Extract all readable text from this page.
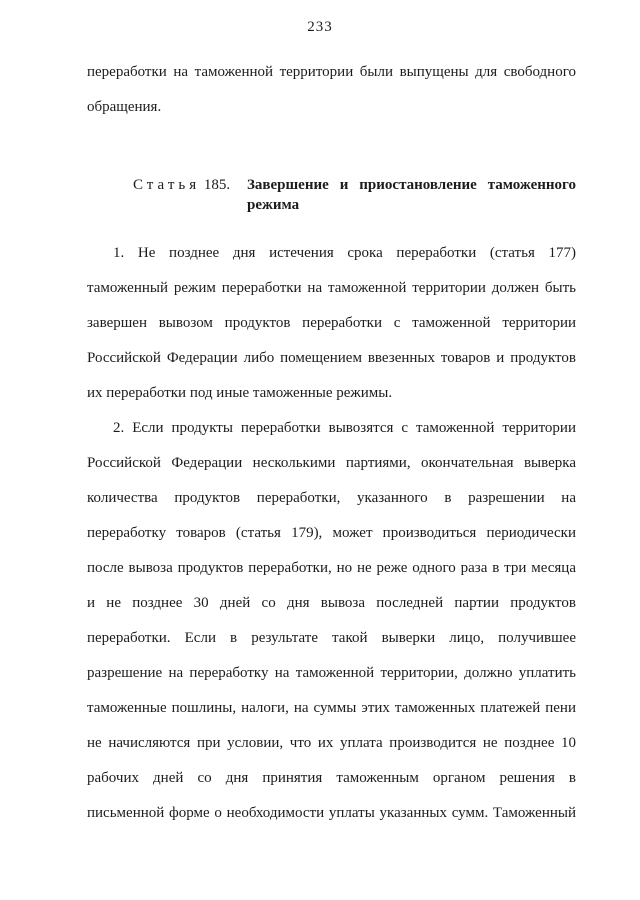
233
переработки на таможенной территории были выпущены для свободного
обращения.
Статья 185.	Завершение и приостановление таможенного
режима
1. Не позднее дня истечения срока переработки (статья 177)
таможенный режим переработки на таможенной территории должен быть
завершен вывозом продуктов переработки с таможенной территории
Российской Федерации либо помещением ввезенных товаров и продуктов
их переработки под иные таможенные режимы.
2. Если продукты переработки вывозятся с таможенной территории
Российской Федерации несколькими партиями, окончательная выверка
количества продуктов переработки, указанного в разрешении на
переработку товаров (статья 179), может производиться периодически
после вывоза продуктов переработки, но не реже одного раза в три месяца
и не позднее 30 дней со дня вывоза последней партии продуктов
переработки. Если в результате такой выверки лицо, получившее
разрешение на переработку на таможенной территории, должно уплатить
таможенные пошлины, налоги, на суммы этих таможенных платежей пени
не начисляются при условии, что их уплата производится не позднее 10
рабочих дней со дня принятия таможенным органом решения в
письменной форме о необходимости уплаты указанных сумм. Таможенный
